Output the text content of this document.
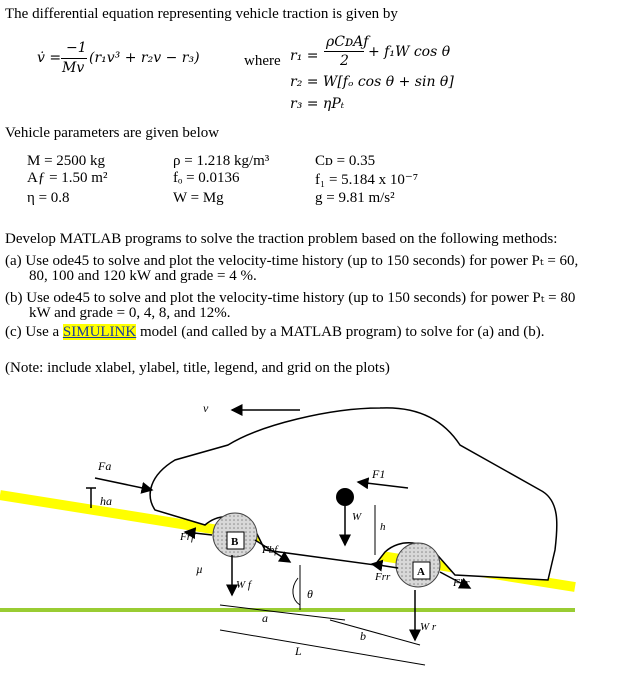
The differential equation representing vehicle traction is given by
v̇ =
−1
Mv
(r₁v³ + r₂v − r₃)	where r₁ =
ρCᴅAƒ
2
+ f₁W cos θ
r₂ = W[fₒ cos θ + sin θ]
r₃ = ηPₜ
Vehicle parameters are given below
M = 2500 kg
Aƒ = 1.50 m²
η = 0.8
ρ = 1.218 kg/m³
fₒ = 0.0136
W = Mg
Cᴅ = 0.35
f₁ = 5.184 x 10⁻⁷
g = 9.81 m/s²
Develop MATLAB programs to solve the traction problem based on the following methods:
(a) Use ode45 to solve and plot the velocity-time history (up to 150 seconds) for power Pₜ = 60,
80, 100 and 120 kW and grade = 4 %.
(b) Use ode45 to solve and plot the velocity-time history (up to 150 seconds) for power Pₜ = 80
kW and grade = 0, 4, 8, and 12%.
(c) Use a SIMULINK model (and called by a MATLAB program) to solve for (a) and (b).
(Note: include xlabel, ylabel, title, legend, and grid on the plots)
v
Fa
ha
Frf	B
Fbf
µ
W f
W
h
F1
Frr A
Fbr
W r
θ
a
b
L
